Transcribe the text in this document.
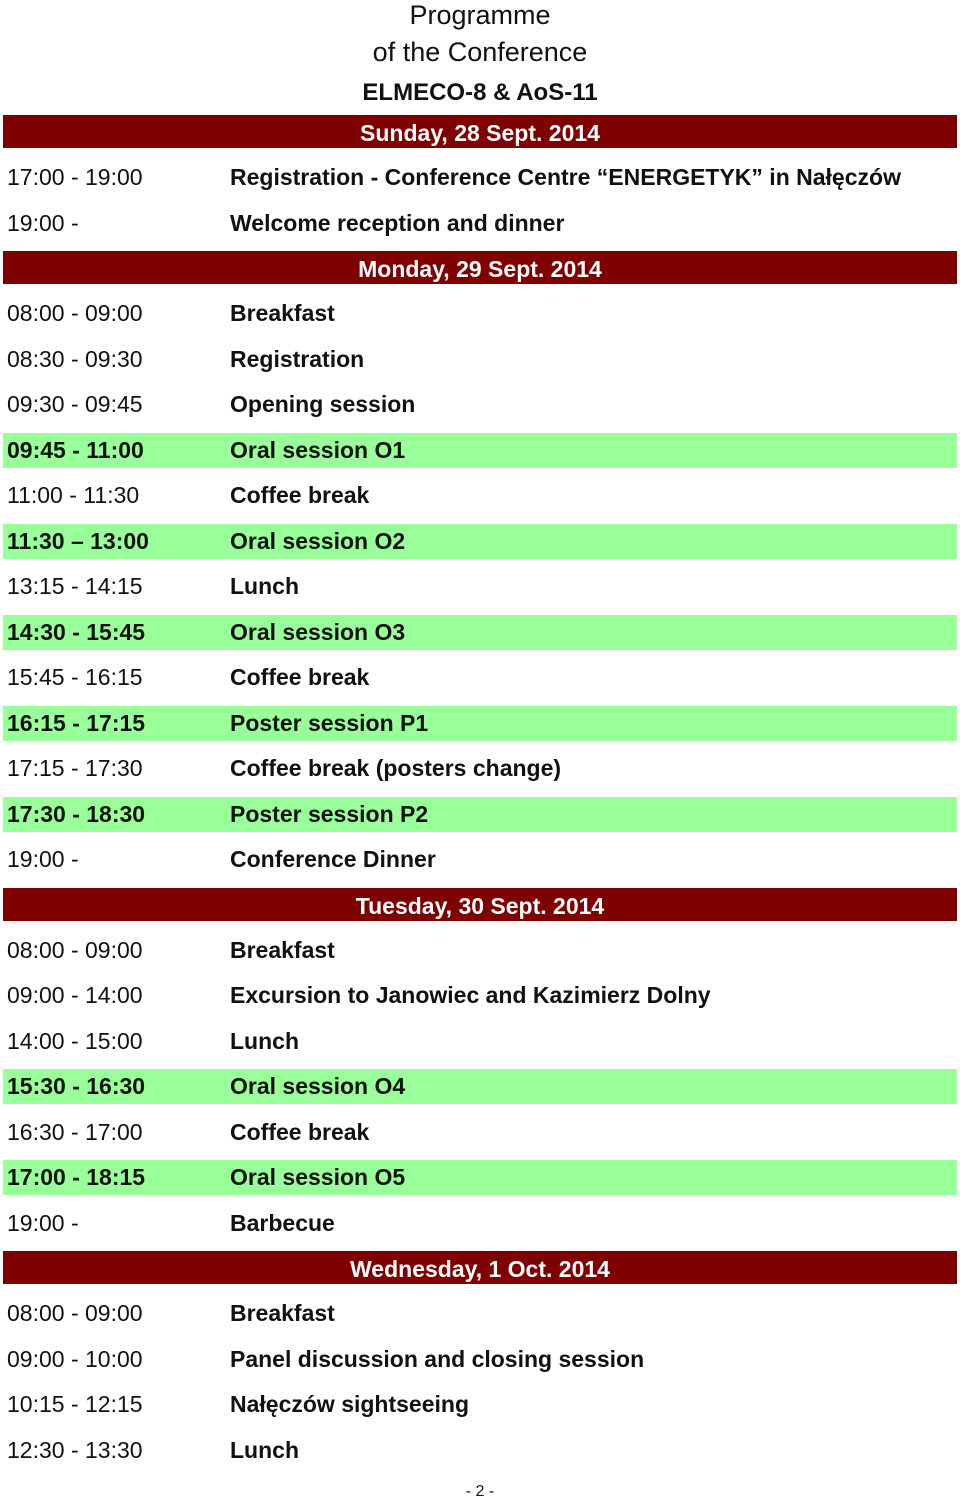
Programme
of the Conference
ELMECO-8 & AoS-11
Sunday, 28 Sept. 2014
17:00 - 19:00	Registration - Conference Centre “ENERGETYK” in Nałęczów
19:00 -	Welcome reception and dinner
Monday, 29 Sept. 2014
08:00 - 09:00	Breakfast
08:30 - 09:30	Registration
09:30 - 09:45	Opening session
09:45 - 11:00	Oral session O1
11:00 - 11:30	Coffee break
11:30 – 13:00	Oral session O2
13:15 - 14:15	Lunch
14:30 - 15:45	Oral session O3
15:45 - 16:15	Coffee break
16:15 - 17:15	Poster session P1
17:15 - 17:30	Coffee break (posters change)
17:30 - 18:30	Poster session P2
19:00 -	Conference Dinner
Tuesday, 30 Sept. 2014
08:00 - 09:00	Breakfast
09:00 - 14:00	Excursion to Janowiec and Kazimierz Dolny
14:00 - 15:00	Lunch
15:30 - 16:30	Oral session O4
16:30 - 17:00	Coffee break
17:00 - 18:15	Oral session O5
19:00 -	Barbecue
Wednesday, 1 Oct. 2014
08:00 - 09:00	Breakfast
09:00 - 10:00	Panel discussion and closing session
10:15 - 12:15	Nałęczów sightseeing
12:30 - 13:30	Lunch
- 2 -
